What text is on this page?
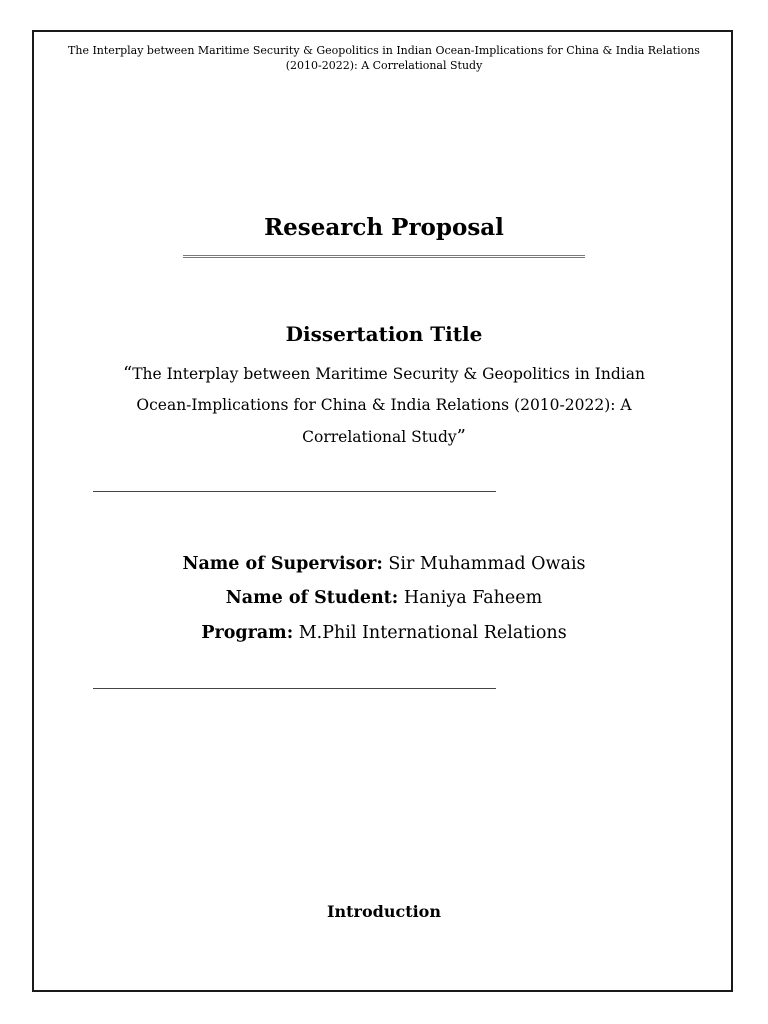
The Interplay between Maritime Security & Geopolitics in Indian Ocean-Implications for China & India Relations (2010-2022): A Correlational Study
Research Proposal
Dissertation Title
“The Interplay between Maritime Security & Geopolitics in Indian Ocean-Implications for China & India Relations (2010-2022): A Correlational Study”
Name of Supervisor: Sir Muhammad Owais
Name of Student: Haniya Faheem
Program: M.Phil International Relations
Introduction
